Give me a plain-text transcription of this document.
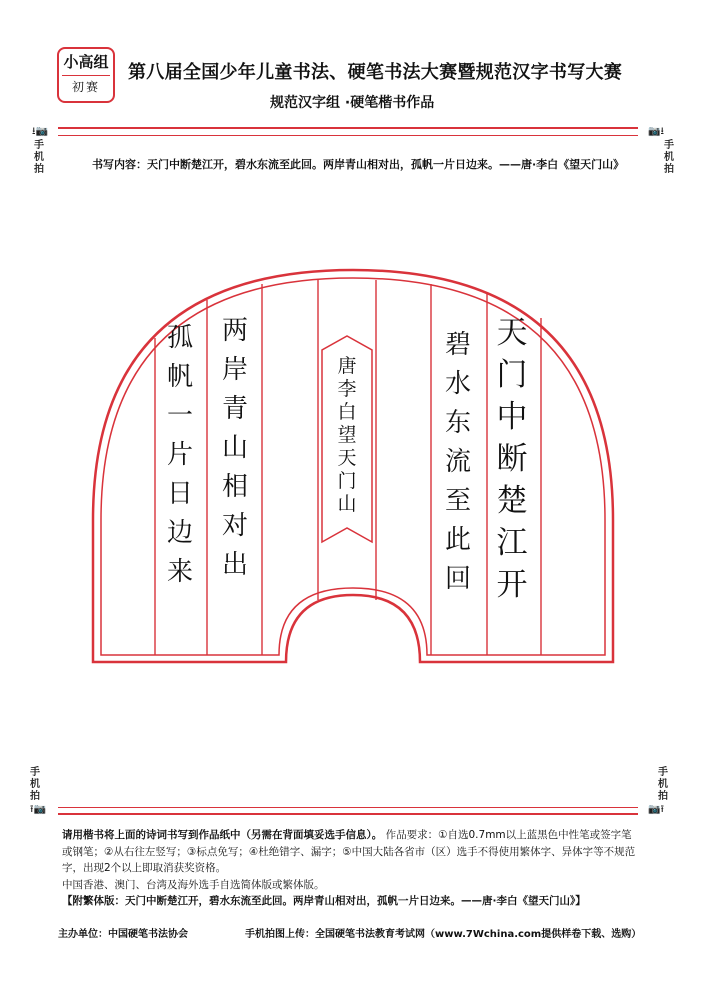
小高组
初赛
第八届全国少年儿童书法、硬笔书法大赛暨规范汉字书写大赛
规范汉字组 ·硬笔楷书作品
⭳📷	📷⭳
手
机
拍
手
机
拍
书写内容：天门中断楚江开，碧水东流至此回。两岸青山相对出，孤帆一片日边来。——唐·李白《望天门山》
天
门
中
断
楚
江
开
碧
水
东
流
至
此
回
唐
李
白
望
天
门
山
两
岸
青
山
相
对
出
孤
帆
一
片
日
边
来
手
机
拍
手
机
拍
⭱📷	📷⭱
请用楷书将上面的诗词书写到作品纸中（另需在背面填妥选手信息）。 作品要求：①自选0.7mm以上蓝黑色中性笔或签字笔或钢笔；②从右往左竖写；③标点免写；④杜绝错字、漏字；⑤中国大陆各省市（区）选手不得使用繁体字、异体字等不规范字，出现2个以上即取消获奖资格。
中国香港、澳门、台湾及海外选手自选简体版或繁体版。
【附繁体版：天门中断楚江开，碧水东流至此回。两岸青山相对出，孤帆一片日边来。——唐·李白《望天门山》】
主办单位：中国硬笔书法协会	手机拍图上传：全国硬笔书法教育考试网（www.7Wchina.com提供样卷下载、选购）
